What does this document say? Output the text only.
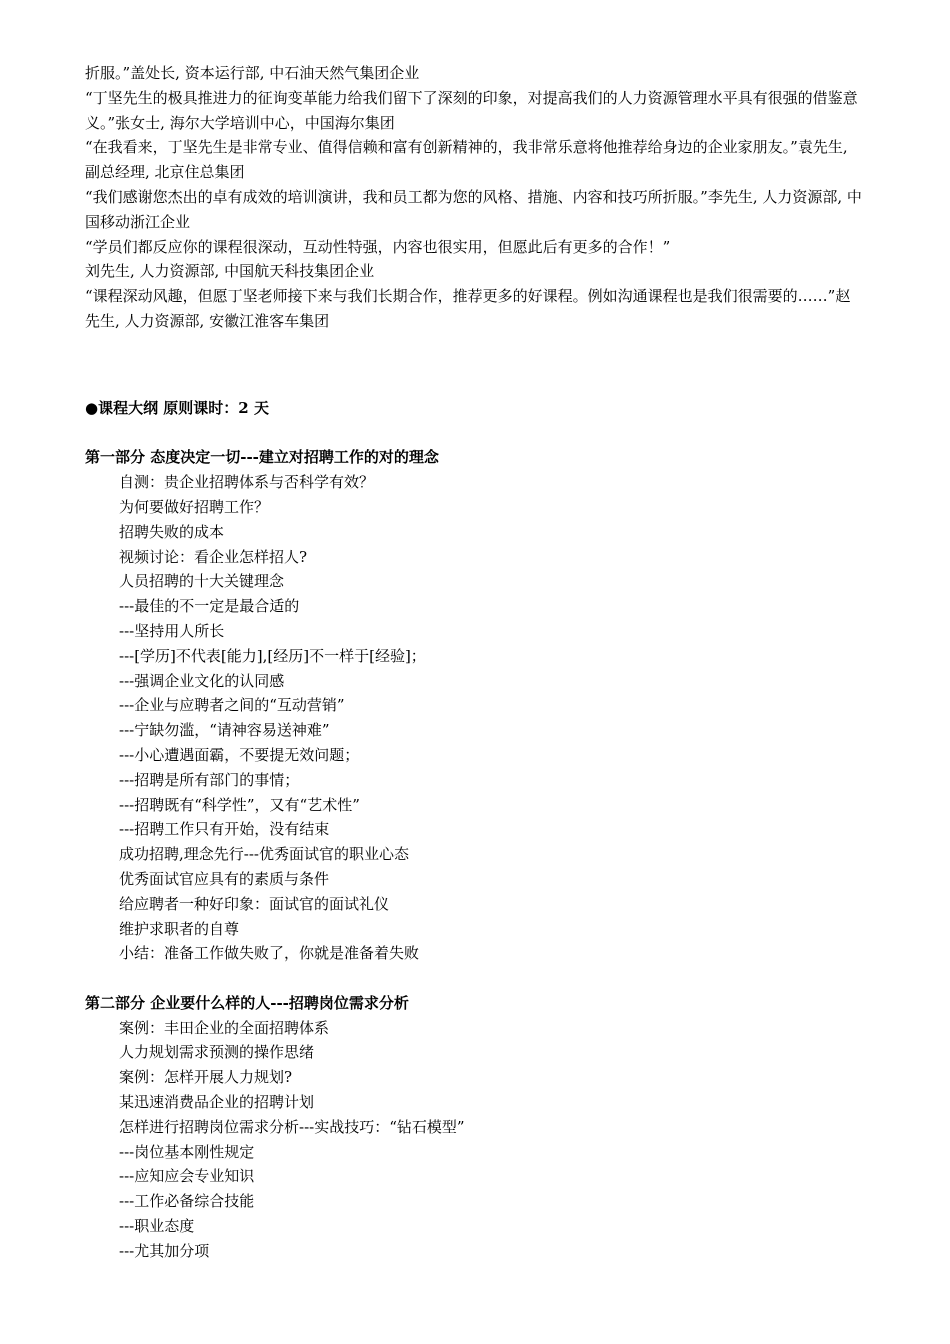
折服。”盖处长, 资本运行部, 中石油天然气集团企业
“丁坚先生的极具推进力的征询变革能力给我们留下了深刻的印象，对提高我们的人力资源管理水平具有很强的借鉴意义。”张女士, 海尔大学培训中心，中国海尔集团
“在我看来，丁坚先生是非常专业、值得信赖和富有创新精神的，我非常乐意将他推荐给身边的企业家朋友。”袁先生, 副总经理, 北京住总集团
“我们感谢您杰出的卓有成效的培训演讲，我和员工都为您的风格、措施、内容和技巧所折服。”李先生, 人力资源部, 中国移动浙江企业
“学员们都反应你的课程很深动，互动性特强，内容也很实用，但愿此后有更多的合作！”
刘先生, 人力资源部, 中国航天科技集团企业
“课程深动风趣，但愿丁坚老师接下来与我们长期合作，推荐更多的好课程。例如沟通课程也是我们很需要的……”赵先生, 人力资源部, 安徽江淮客车集团
●课程大纲 原则课时：2 天
第一部分 态度决定一切---建立对招聘工作的对的理念
自测：贵企业招聘体系与否科学有效？
为何要做好招聘工作？
招聘失败的成本
视频讨论：看企业怎样招人?
人员招聘的十大关键理念
---最佳的不一定是最合适的
---坚持用人所长
---[学历]不代表[能力],[经历]不一样于[经验]；
---强调企业文化的认同感
---企业与应聘者之间的“互动营销”
---宁缺勿滥，“请神容易送神难”
---小心遭遇面霸，不要提无效问题；
---招聘是所有部门的事情；
---招聘既有“科学性”，又有“艺术性”
---招聘工作只有开始，没有结束
成功招聘,理念先行---优秀面试官的职业心态
优秀面试官应具有的素质与条件
给应聘者一种好印象：面试官的面试礼仪
维护求职者的自尊
小结：准备工作做失败了，你就是准备着失败
第二部分 企业要什么样的人---招聘岗位需求分析
案例：丰田企业的全面招聘体系
人力规划需求预测的操作思绪
案例：怎样开展人力规划?
某迅速消费品企业的招聘计划
怎样进行招聘岗位需求分析---实战技巧：“钻石模型”
---岗位基本刚性规定
---应知应会专业知识
---工作必备综合技能
---职业态度
---尤其加分项
